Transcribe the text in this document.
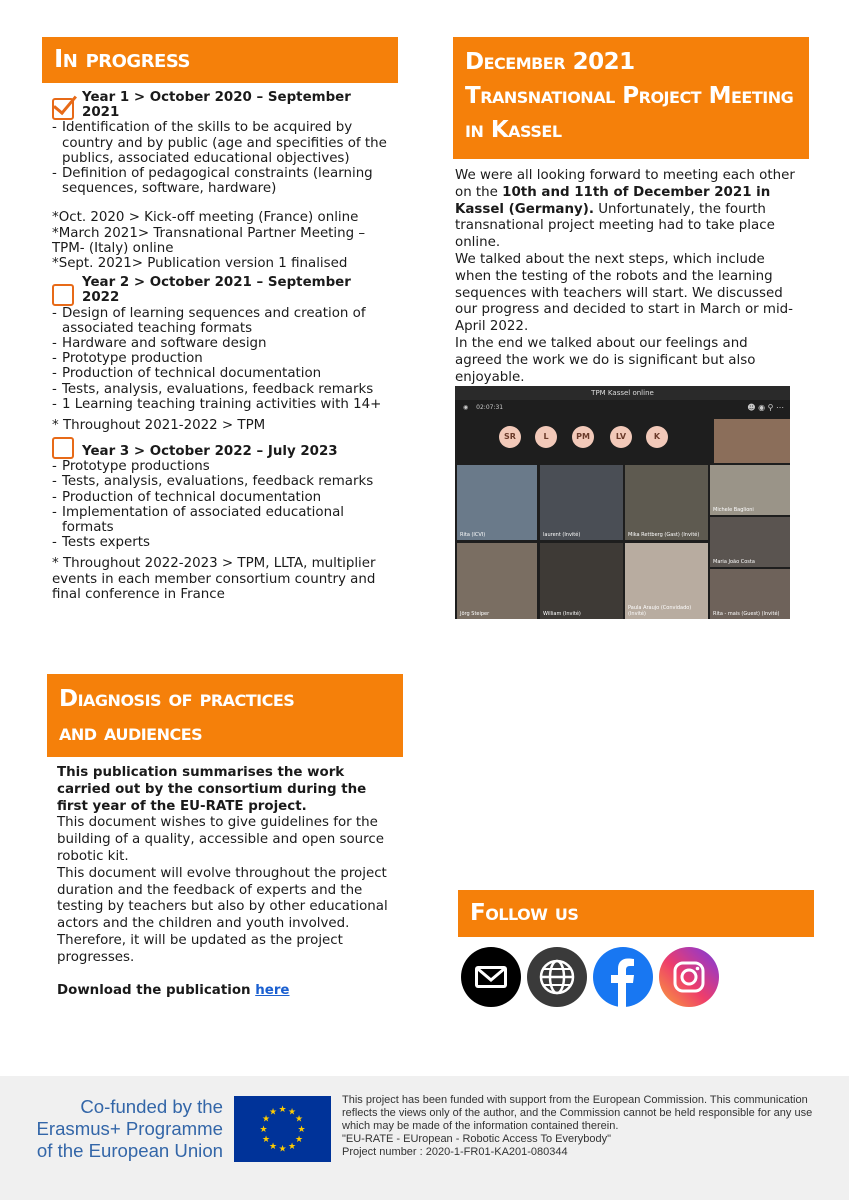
In progress
Year 1 > October 2020 – September 2021
- Identification of the skills to be acquired by country and by public (age and specifities of the publics, associated educational objectives)
- Definition of pedagogical constraints (learning sequences, software, hardware)

*Oct. 2020 > Kick-off meeting (France) online

*March 2021> Transnational Partner Meeting – TPM- (Italy) online

*Sept. 2021> Publication version 1 finalised

Year 2 > October 2021 – September 2022
- Design of learning sequences and creation of associated teaching formats
- Hardware and software design
- Prototype production
- Production of technical documentation
- Tests, analysis, evaluations, feedback remarks
- 1 Learning teaching training activities with 14+

* Throughout 2021-2022 > TPM

Year 3 > October 2022 – July 2023
- Prototype productions
- Tests, analysis, evaluations, feedback remarks
- Production of technical documentation
- Implementation of associated educational formats
- Tests experts

* Throughout 2022-2023 > TPM, LLTA, multiplier events in each member consortium country and final conference in France

December 2021
Transnational Project Meeting
in Kassel

We were all looking forward to meeting each other on the 10th and 11th of December 2021 in Kassel (Germany). Unfortunately, the fourth transnational project meeting had to take place online.

We talked about the next steps, which include when the testing of the robots and the learning sequences with teachers will start. We discussed our progress and decided to start in March or mid-April 2022.

In the end we talked about our feelings and agreed the work we do is significant but also enjoyable.

TPM Kassel online
◉ 02:07:31	☻ ◉ ⚲ ⋯
SR	L	PM	LV	K
Rita (ICVI)	laurent (Invité)	Mika Rettberg (Gast) (Invité)
Michele Baglioni
Maria João Costa
Jörg Steiper	William (Invité)
Paula Araujo (Convidado) (Invité)	Rita - mais (Guest) (Invité)
Diagnosis of practices
and audiences

This publication summarises the work carried out by the consortium during the first year of the EU-RATE project.

This document wishes to give guidelines for the building of a quality, accessible and open source robotic kit.

This document will evolve throughout the project duration and the feedback of experts and the testing by teachers but also by other educational actors and the children and youth involved. Therefore, it will be updated as the project progresses.

Download the publication here

Follow us
Co-funded by the
Erasmus+ Programme
of the European Union
★ ★
★
★
★
★
★
★
★
★
★
★
This project has been funded with support from the European Commission. This communication reflects the views only of the author, and the Commission cannot be held responsible for any use which may be made of the information contained therein.
"EU-RATE - EUropean - Robotic Access To Everybody"
Project number : 2020-1-FR01-KA201-080344
